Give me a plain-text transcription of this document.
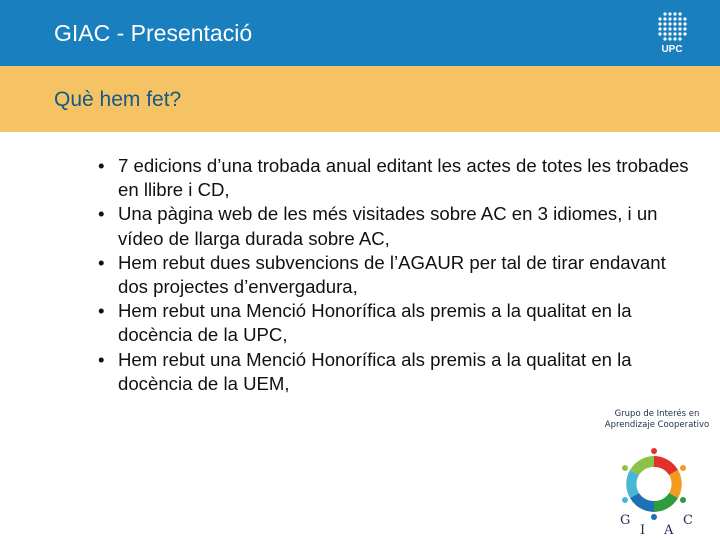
GIAC - Presentació
UPC
Què hem fet?
• 7 edicions d’una trobada anual editant les actes de totes les trobades en llibre i CD,
• Una pàgina web de les més visitades sobre AC en 3 idiomes, i un vídeo de llarga durada sobre AC,
• Hem rebut dues subvencions de l’AGAUR per tal de tirar endavant dos projectes d’envergadura,
• Hem rebut una Menció Honorífica als premis a la qualitat en la docència de la UPC,
• Hem rebut una Menció Honorífica als premis a la qualitat en la docència de la UEM,
Grupo de Interés en
Aprendizaje Cooperativo
G
I A
C
